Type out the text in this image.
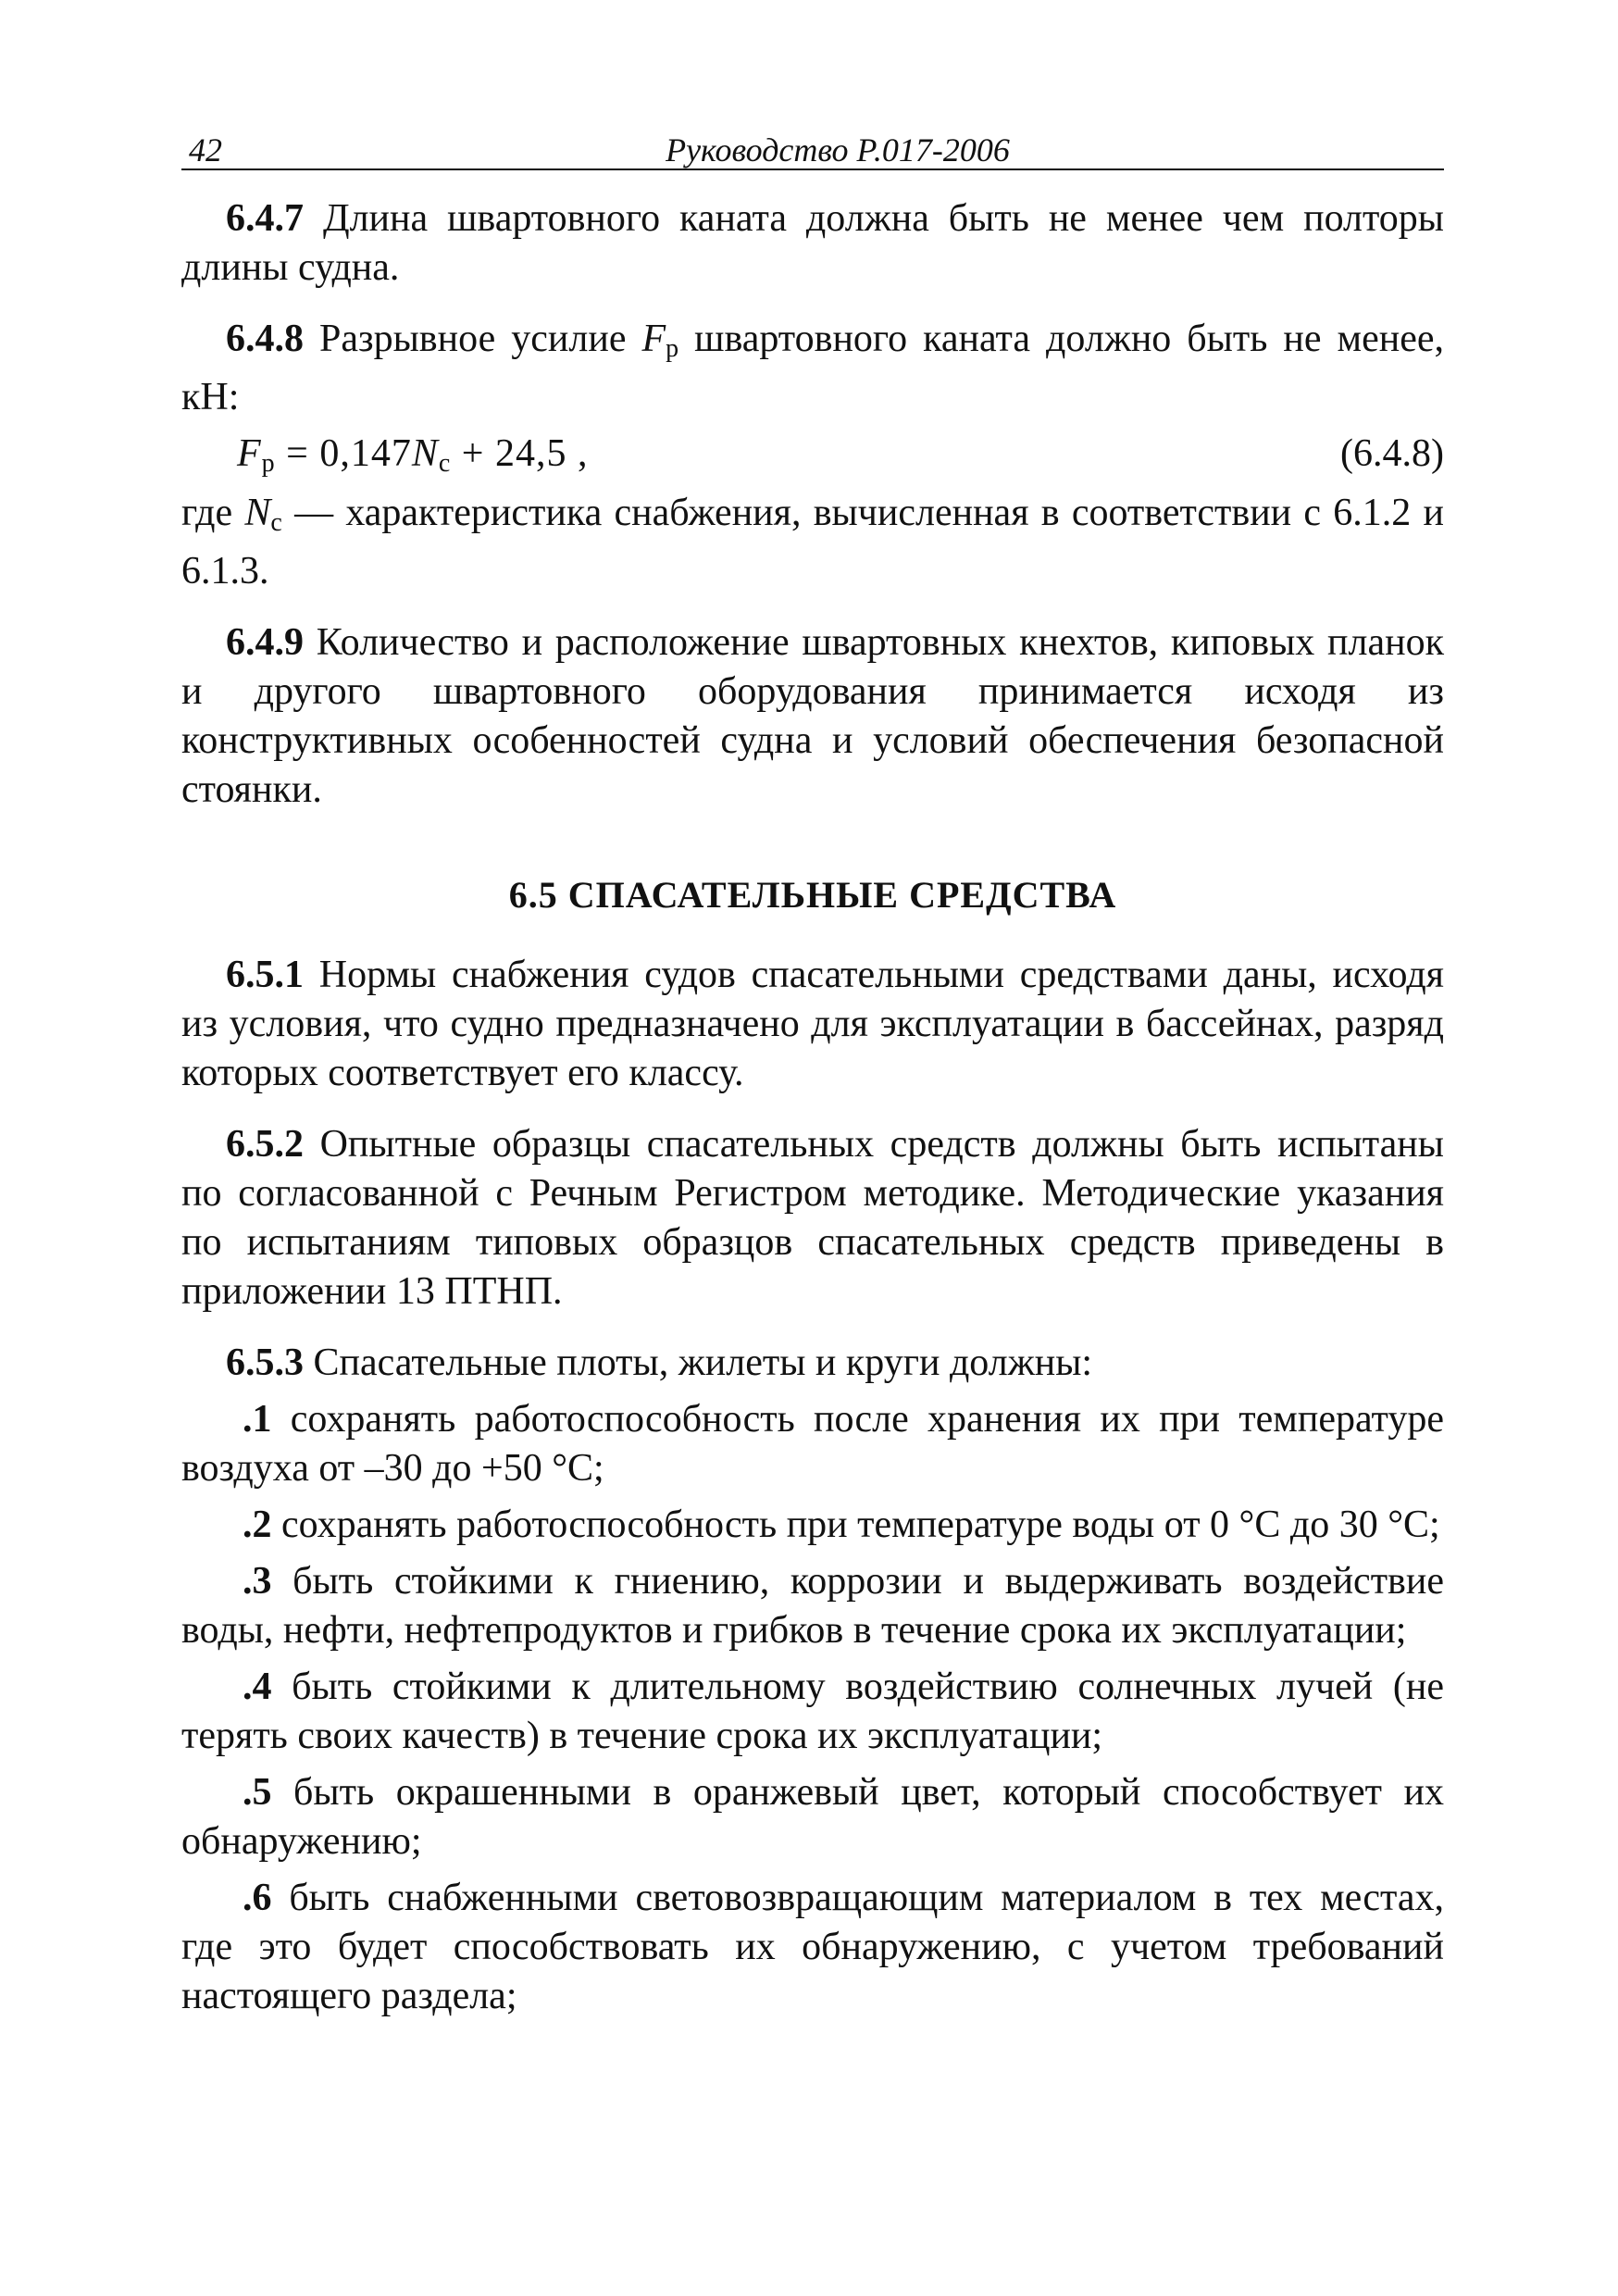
42	Руководство Р.017-2006

6.4.7 Длина швартовного каната должна быть не менее чем полторы длины судна.

6.4.8 Разрывное усилие $F_р$ швартовного каната должно быть не менее, кН:

$F_р = 0,147N_с + 24,5$ ,	(6.4.8)

где $N_с$ — характеристика снабжения, вычисленная в соответствии с 6.1.2 и 6.1.3.

6.4.9 Количество и расположение швартовных кнехтов, киповых планок и другого швартовного оборудования принимается исходя из конструктивных особенностей судна и условий обеспечения безопасной стоянки.

6.5 СПАСАТЕЛЬНЫЕ СРЕДСТВА

6.5.1 Нормы снабжения судов спасательными средствами даны, исходя из условия, что судно предназначено для эксплуатации в бассейнах, разряд которых соответствует его классу.

6.5.2 Опытные образцы спасательных средств должны быть испытаны по согласованной с Речным Регистром методике. Методические указания по испытаниям типовых образцов спасательных средств приведены в приложении 13 ПТНП.

6.5.3 Спасательные плоты, жилеты и круги должны:

.1 сохранять работоспособность после хранения их при температуре воздуха от –30 до +50 °С;

.2 сохранять работоспособность при температуре воды от 0 °С до 30 °С;

.3 быть стойкими к гниению, коррозии и выдерживать воздействие воды, нефти, нефтепродуктов и грибков в течение срока их эксплуатации;

.4 быть стойкими к длительному воздействию солнечных лучей (не терять своих качеств) в течение срока их эксплуатации;

.5 быть окрашенными в оранжевый цвет, который способствует их обнаружению;

.6 быть снабженными световозвращающим материалом в тех местах, где это будет способствовать их обнаружению, с учетом требований настоящего раздела;
